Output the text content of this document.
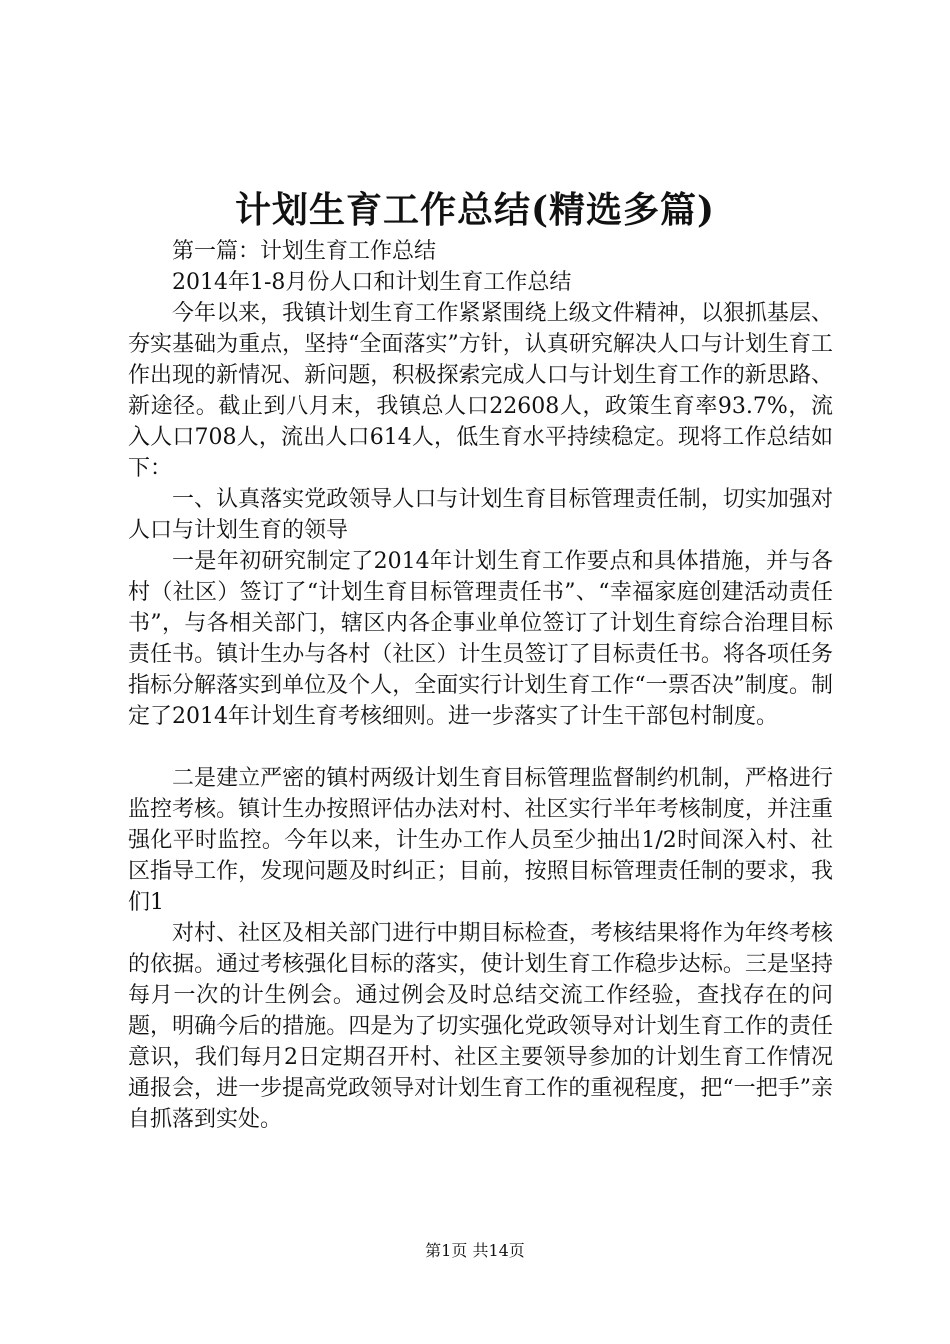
计划生育工作总结(精选多篇)

第一篇：计划生育工作总结

2014年1-8月份人口和计划生育工作总结

今年以来，我镇计划生育工作紧紧围绕上级文件精神，以狠抓基层、夯实基础为重点，坚持“全面落实”方针，认真研究解决人口与计划生育工作出现的新情况、新问题，积极探索完成人口与计划生育工作的新思路、新途径。截止到八月末，我镇总人口22608人，政策生育率93.7%，流入人口708人，流出人口614人，低生育水平持续稳定。现将工作总结如下：

一、认真落实党政领导人口与计划生育目标管理责任制，切实加强对人口与计划生育的领导

一是年初研究制定了2014年计划生育工作要点和具体措施，并与各村（社区）签订了“计划生育目标管理责任书”、“幸福家庭创建活动责任书”，与各相关部门，辖区内各企事业单位签订了计划生育综合治理目标责任书。镇计生办与各村（社区）计生员签订了目标责任书。将各项任务指标分解落实到单位及个人，全面实行计划生育工作“一票否决”制度。制定了2014年计划生育考核细则。进一步落实了计生干部包村制度。

二是建立严密的镇村两级计划生育目标管理监督制约机制，严格进行监控考核。镇计生办按照评估办法对村、社区实行半年考核制度，并注重强化平时监控。今年以来，计生办工作人员至少抽出1/2时间深入村、社区指导工作，发现问题及时纠正；目前，按照目标管理责任制的要求，我们1

对村、社区及相关部门进行中期目标检查，考核结果将作为年终考核的依据。通过考核强化目标的落实，使计划生育工作稳步达标。三是坚持每月一次的计生例会。通过例会及时总结交流工作经验，查找存在的问题，明确今后的措施。四是为了切实强化党政领导对计划生育工作的责任意识，我们每月2日定期召开村、社区主要领导参加的计划生育工作情况通报会，进一步提高党政领导对计划生育工作的重视程度，把“一把手”亲自抓落到实处。

第1页 共14页
